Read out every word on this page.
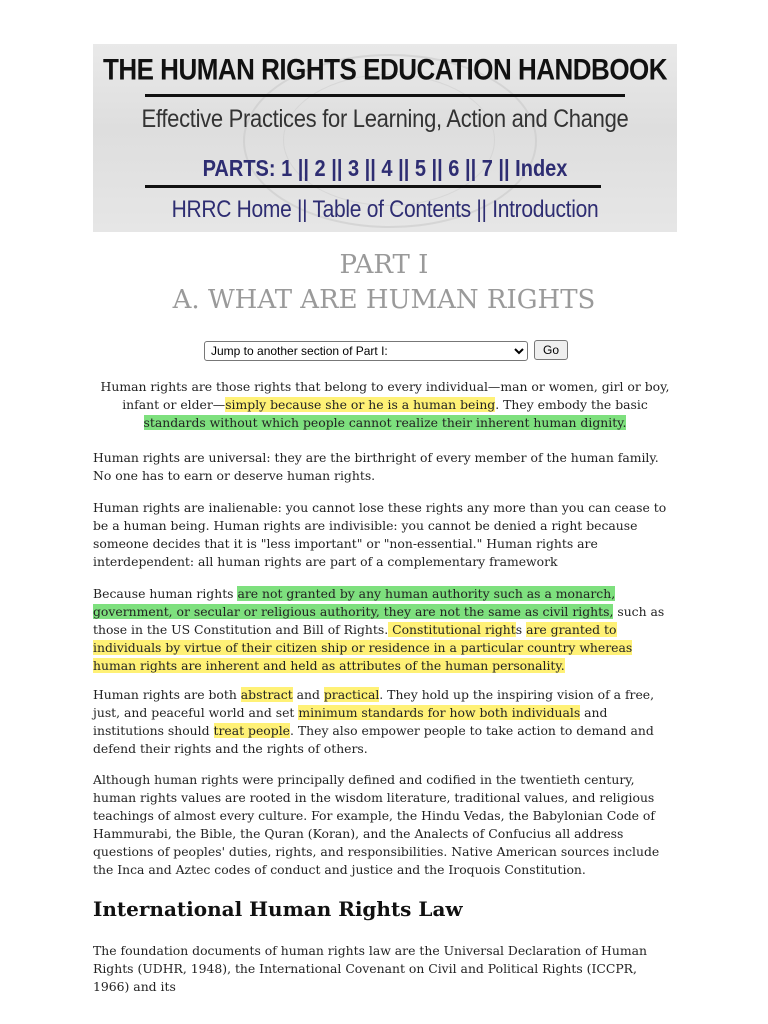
THE HUMAN RIGHTS EDUCATION HANDBOOK
Effective Practices for Learning, Action and Change
PARTS: 1 || 2 || 3 || 4 || 5 || 6 || 7 || Index
HRRC Home || Table of Contents || Introduction
PART I
A. WHAT ARE HUMAN RIGHTS
Jump to another section of Part I:
Go
Human rights are those rights that belong to every individual—man or women, girl or boy, infant or elder—simply because she or he is a human being. They embody the basic
standards without which people cannot realize their inherent human dignity.
Human rights are universal: they are the birthright of every member of the human family. No one has to earn or deserve human rights.
Human rights are inalienable: you cannot lose these rights any more than you can cease to be a human being. Human rights are indivisible: you cannot be denied a right because someone decides that it is "less important" or "non-essential." Human rights are interdependent: all human rights are part of a complementary framework
Because human rights are not granted by any human authority such as a monarch, government, or secular or religious authority, they are not the same as civil rights, such as those in the US Constitution and Bill of Rights. Constitutional rights are granted to individuals by virtue of their citizen ship or residence in a particular country whereas human rights are inherent and held as attributes of the human personality.
Human rights are both abstract and practical. They hold up the inspiring vision of a free, just, and peaceful world and set minimum standards for how both individuals and institutions should treat people. They also empower people to take action to demand and defend their rights and the rights of others.
Although human rights were principally defined and codified in the twentieth century, human rights values are rooted in the wisdom literature, traditional values, and religious teachings of almost every culture. For example, the Hindu Vedas, the Babylonian Code of Hammurabi, the Bible, the Quran (Koran), and the Analects of Confucius all address questions of peoples' duties, rights, and responsibilities. Native American sources include the Inca and Aztec codes of conduct and justice and the Iroquois Constitution.
International Human Rights Law
The foundation documents of human rights law are the Universal Declaration of Human Rights (UDHR, 1948), the International Covenant on Civil and Political Rights (ICCPR, 1966) and its
